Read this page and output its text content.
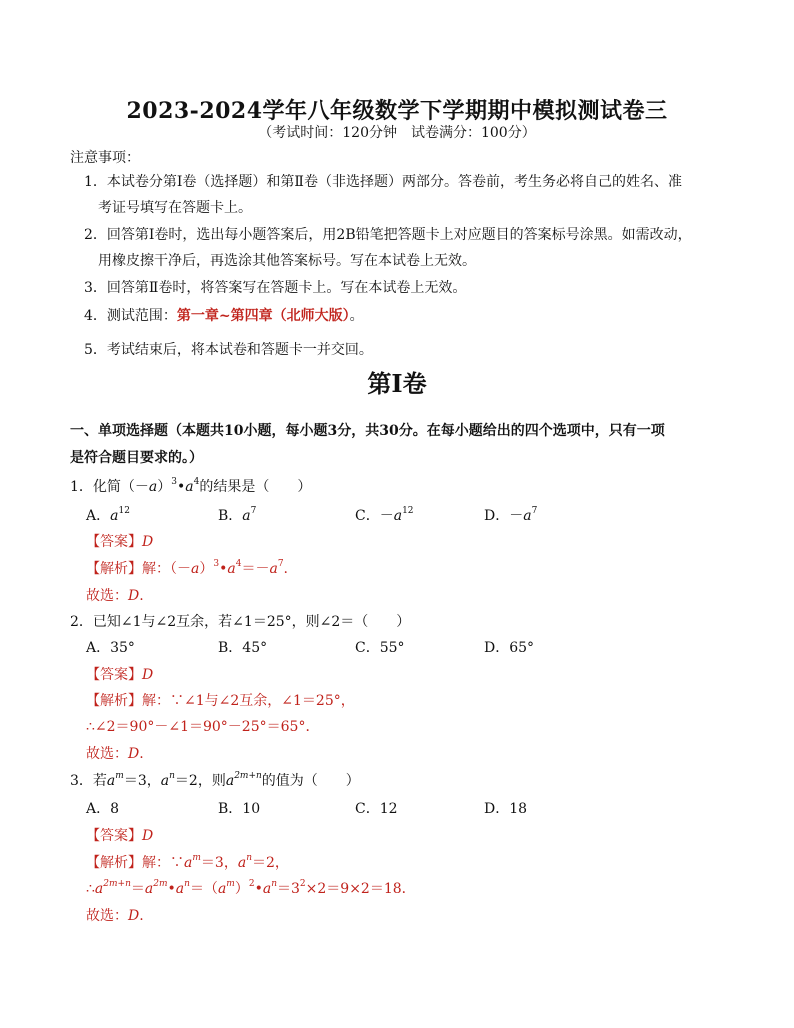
2023-2024学年八年级数学下学期期中模拟测试卷三
（考试时间：120分钟　试卷满分：100分）
注意事项：
1．本试卷分第Ⅰ卷（选择题）和第Ⅱ卷（非选择题）两部分。答卷前，考生务必将自己的姓名、准
考证号填写在答题卡上。
2．回答第Ⅰ卷时，选出每小题答案后，用2B铅笔把答题卡上对应题目的答案标号涂黑。如需改动，
用橡皮擦干净后，再选涂其他答案标号。写在本试卷上无效。
3．回答第Ⅱ卷时，将答案写在答题卡上。写在本试卷上无效。
4．测试范围：第一章~第四章（北师大版）。
5．考试结束后，将本试卷和答题卡一并交回。
第Ⅰ卷
一、单项选择题（本题共10小题，每小题3分，共30分。在每小题给出的四个选项中，只有一项
是符合题目要求的。）
1．化简$(-a)^3•a^4$的结果是（　　）
A．$a^{12}$	B．$a^7$	C．$-a^{12}$	D．$-a^7$
【答案】D
【解析】解：$(-a)^3•a^4=-a^7$.
故选：D.
2．已知∠1与∠2互余，若∠1＝25°，则∠2＝（　　）
A．35°	B．45°	C．55°	D．65°
【答案】D
【解析】解：∵∠1与∠2互余，∠1＝25°，
∴∠2＝90°－∠1＝90°－25°＝65°．
故选：D.
3．若$a^m=3$，$a^n=2$，则$a^{2m+n}$的值为（　　）
A．8	B．10	C．12	D．18
【答案】D
【解析】解：$\because a^m=3$，$a^n=2$，
$\therefore a^{2m+n}=a^{2m}•a^n=(a^m)^2•a^n=3^2\times 2=9\times 2=18$．
故选：D.
